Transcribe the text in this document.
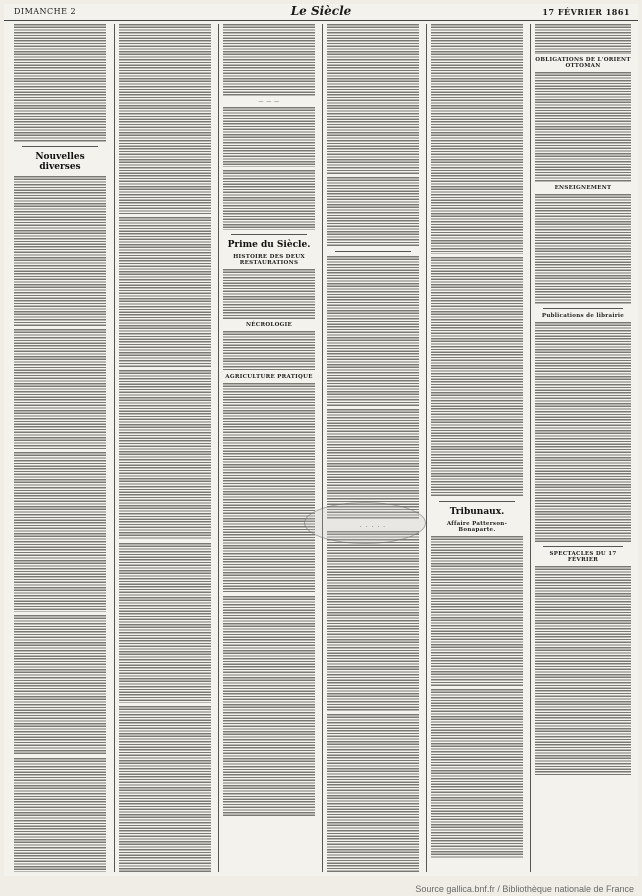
DIMANCHE 2	Le Siècle	17 FÉVRIER 1861
Nouvelles diverses
— — —
Prime du Siècle.
HISTOIRE DES DEUX RESTAURATIONS
NÉCROLOGIE
AGRICULTURE PRATIQUE
. . . . .
Tribunaux.
Affaire Patterson-Bonaparte.
OBLIGATIONS DE L'ORIENT OTTOMAN
ENSEIGNEMENT
Publications de librairie
SPECTACLES DU 17 FÉVRIER
Source gallica.bnf.fr / Bibliothèque nationale de France
